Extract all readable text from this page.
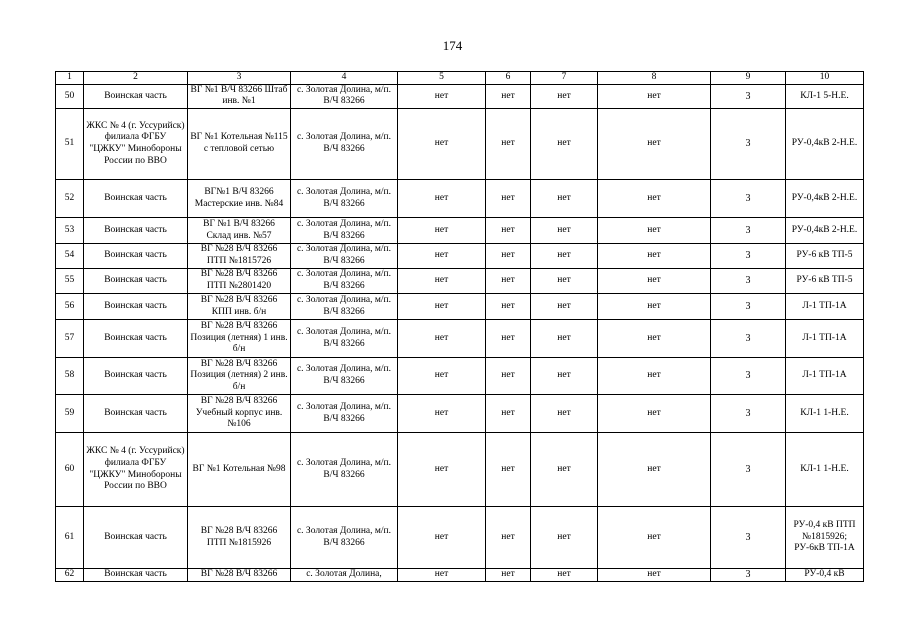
174
1	2	3	4	5	6	7	8	9	10
50	Воинская часть	ВГ №1 В/Ч 83266 Штаб инв. №1	с. Золотая Долина, м/п. В/Ч 83266	нет	нет	нет	нет	3	КЛ-1 5-Н.Е.
51	ЖКС № 4 (г. Уссурийск) филиала ФГБУ "ЦЖКУ" Минобороны России по ВВО	ВГ №1 Котельная №115 с тепловой сетью	с. Золотая Долина, м/п. В/Ч 83266	нет	нет	нет	нет	3	РУ-0,4кВ 2-Н.Е.
52	Воинская часть	ВГ№1 В/Ч 83266 Мастерские инв. №84	с. Золотая Долина, м/п. В/Ч 83266	нет	нет	нет	нет	3	РУ-0,4кВ 2-Н.Е.
53	Воинская часть	ВГ №1 В/Ч 83266 Склад инв. №57	с. Золотая Долина, м/п. В/Ч 83266	нет	нет	нет	нет	3	РУ-0,4кВ 2-Н.Е.
54	Воинская часть	ВГ №28 В/Ч 83266 ПТП №1815726	с. Золотая Долина, м/п. В/Ч 83266	нет	нет	нет	нет	3	РУ-6 кВ ТП-5
55	Воинская часть	ВГ №28 В/Ч 83266 ПТП №2801420	с. Золотая Долина, м/п. В/Ч 83266	нет	нет	нет	нет	3	РУ-6 кВ ТП-5
56	Воинская часть	ВГ №28 В/Ч 83266 КПП инв. б/н	с. Золотая Долина, м/п. В/Ч 83266	нет	нет	нет	нет	3	Л-1 ТП-1А
57	Воинская часть	ВГ №28 В/Ч 83266 Позиция (летняя) 1 инв. б/н	с. Золотая Долина, м/п. В/Ч 83266	нет	нет	нет	нет	3	Л-1 ТП-1А
58	Воинская часть	ВГ №28 В/Ч 83266 Позиция (летняя) 2 инв. б/н	с. Золотая Долина, м/п. В/Ч 83266	нет	нет	нет	нет	3	Л-1 ТП-1А
59	Воинская часть	ВГ №28 В/Ч 83266 Учебный корпус инв. №106	с. Золотая Долина, м/п. В/Ч 83266	нет	нет	нет	нет	3	КЛ-1 1-Н.Е.
60	ЖКС № 4 (г. Уссурийск) филиала ФГБУ "ЦЖКУ" Минобороны России по ВВО	ВГ №1 Котельная №98	с. Золотая Долина, м/п. В/Ч 83266	нет	нет	нет	нет	3	КЛ-1 1-Н.Е.
61	Воинская часть	ВГ №28 В/Ч 83266 ПТП №1815926	с. Золотая Долина, м/п. В/Ч 83266	нет	нет	нет	нет	3	РУ-0,4 кВ ПТП №1815926; РУ-6кВ ТП-1А
62	Воинская часть	ВГ №28 В/Ч 83266	с. Золотая Долина,	нет	нет	нет	нет	3	РУ-0,4 кВ
